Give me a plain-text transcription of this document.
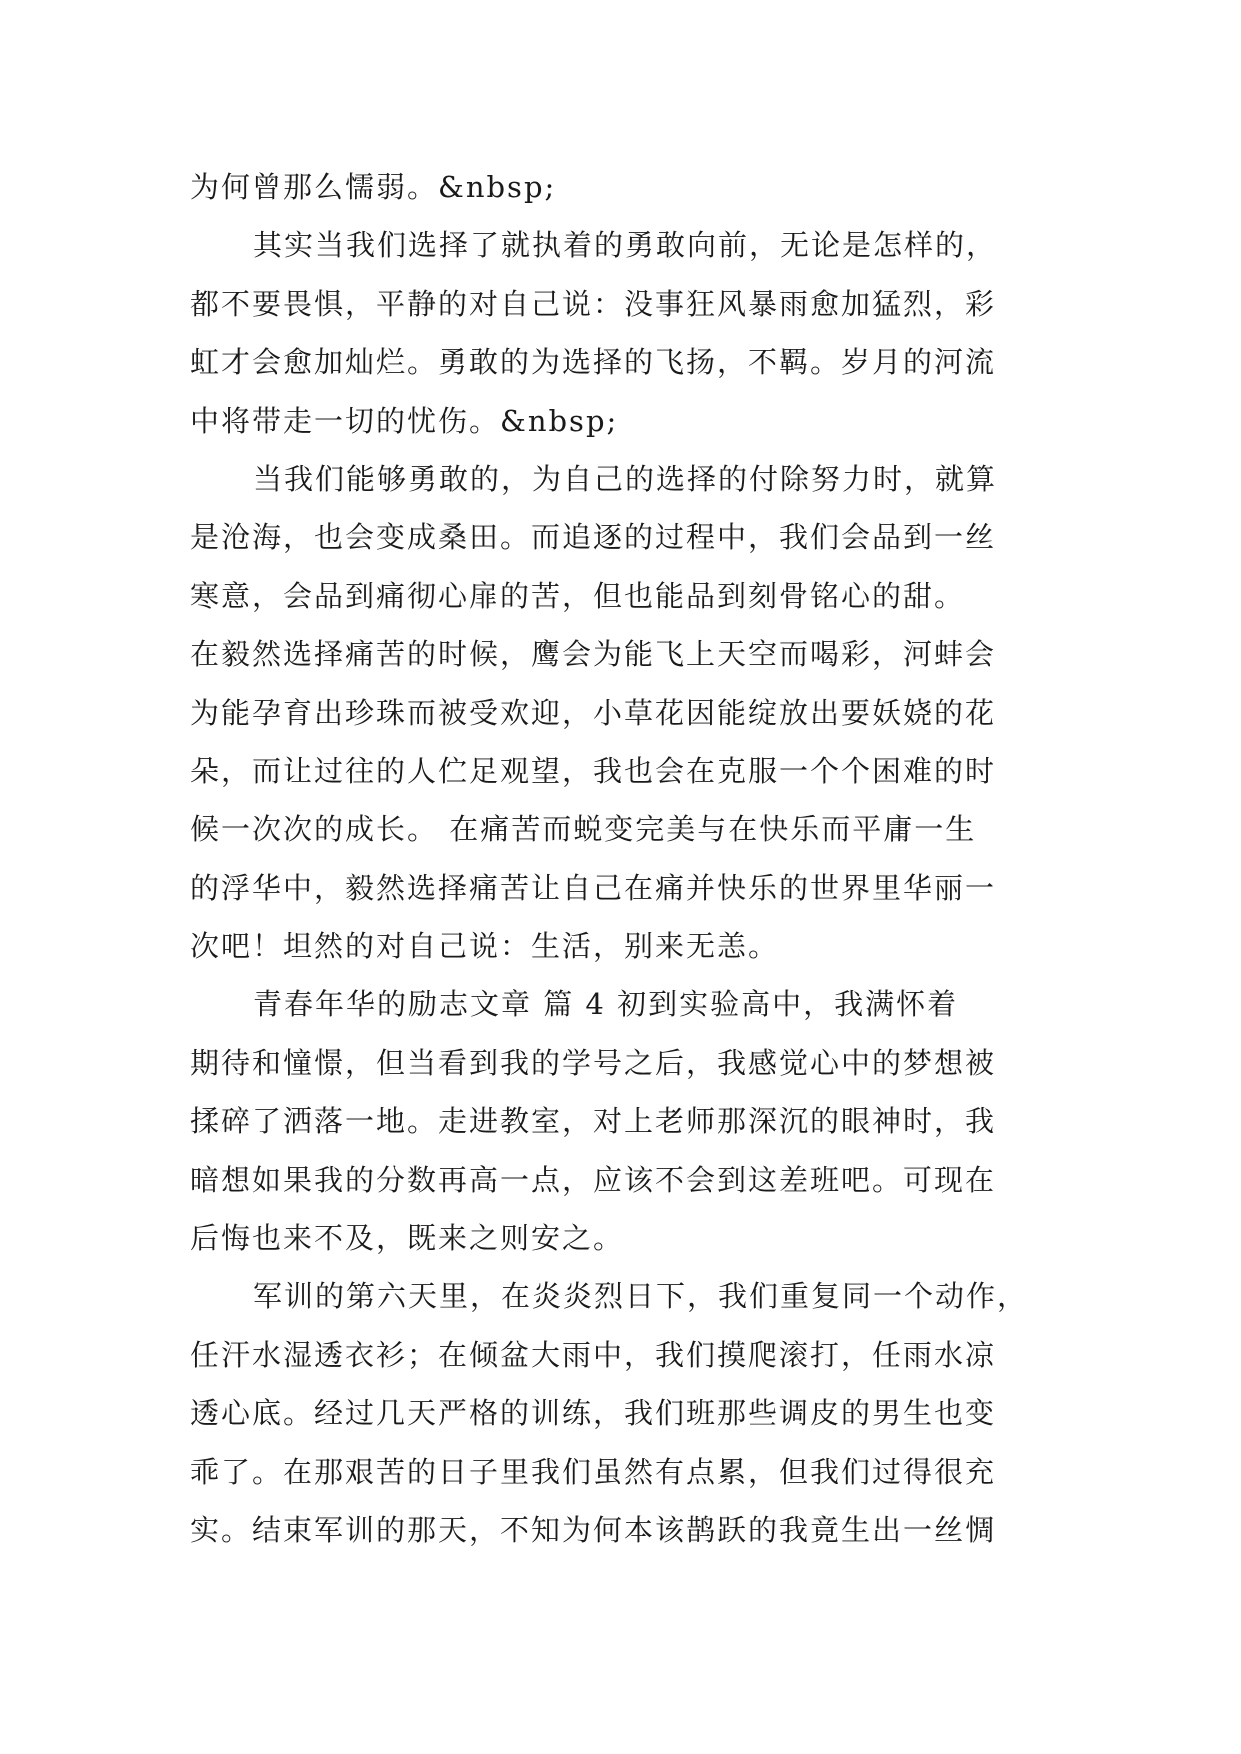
为何曾那么懦弱。&nbsp;
其实当我们选择了就执着的勇敢向前，无论是怎样的，
都不要畏惧，平静的对自己说：没事狂风暴雨愈加猛烈，彩
虹才会愈加灿烂。勇敢的为选择的飞扬，不羁。岁月的河流
中将带走一切的忧伤。&nbsp;
当我们能够勇敢的，为自己的选择的付除努力时，就算
是沧海，也会变成桑田。而追逐的过程中，我们会品到一丝
寒意，会品到痛彻心扉的苦，但也能品到刻骨铭心的甜。
在毅然选择痛苦的时候，鹰会为能飞上天空而喝彩，河蚌会
为能孕育出珍珠而被受欢迎，小草花因能绽放出要妖娆的花
朵，而让过往的人伫足观望，我也会在克服一个个困难的时
候一次次的成长。 在痛苦而蜕变完美与在快乐而平庸一生
的浮华中，毅然选择痛苦让自己在痛并快乐的世界里华丽一
次吧！坦然的对自己说：生活，别来无恙。
青春年华的励志文章 篇 4 初到实验高中，我满怀着
期待和憧憬，但当看到我的学号之后，我感觉心中的梦想被
揉碎了洒落一地。走进教室，对上老师那深沉的眼神时，我
暗想如果我的分数再高一点，应该不会到这差班吧。可现在
后悔也来不及，既来之则安之。
军训的第六天里，在炎炎烈日下，我们重复同一个动作，
任汗水湿透衣衫；在倾盆大雨中，我们摸爬滚打，任雨水凉
透心底。经过几天严格的训练，我们班那些调皮的男生也变
乖了。在那艰苦的日子里我们虽然有点累，但我们过得很充
实。结束军训的那天，不知为何本该鹊跃的我竟生出一丝惆
